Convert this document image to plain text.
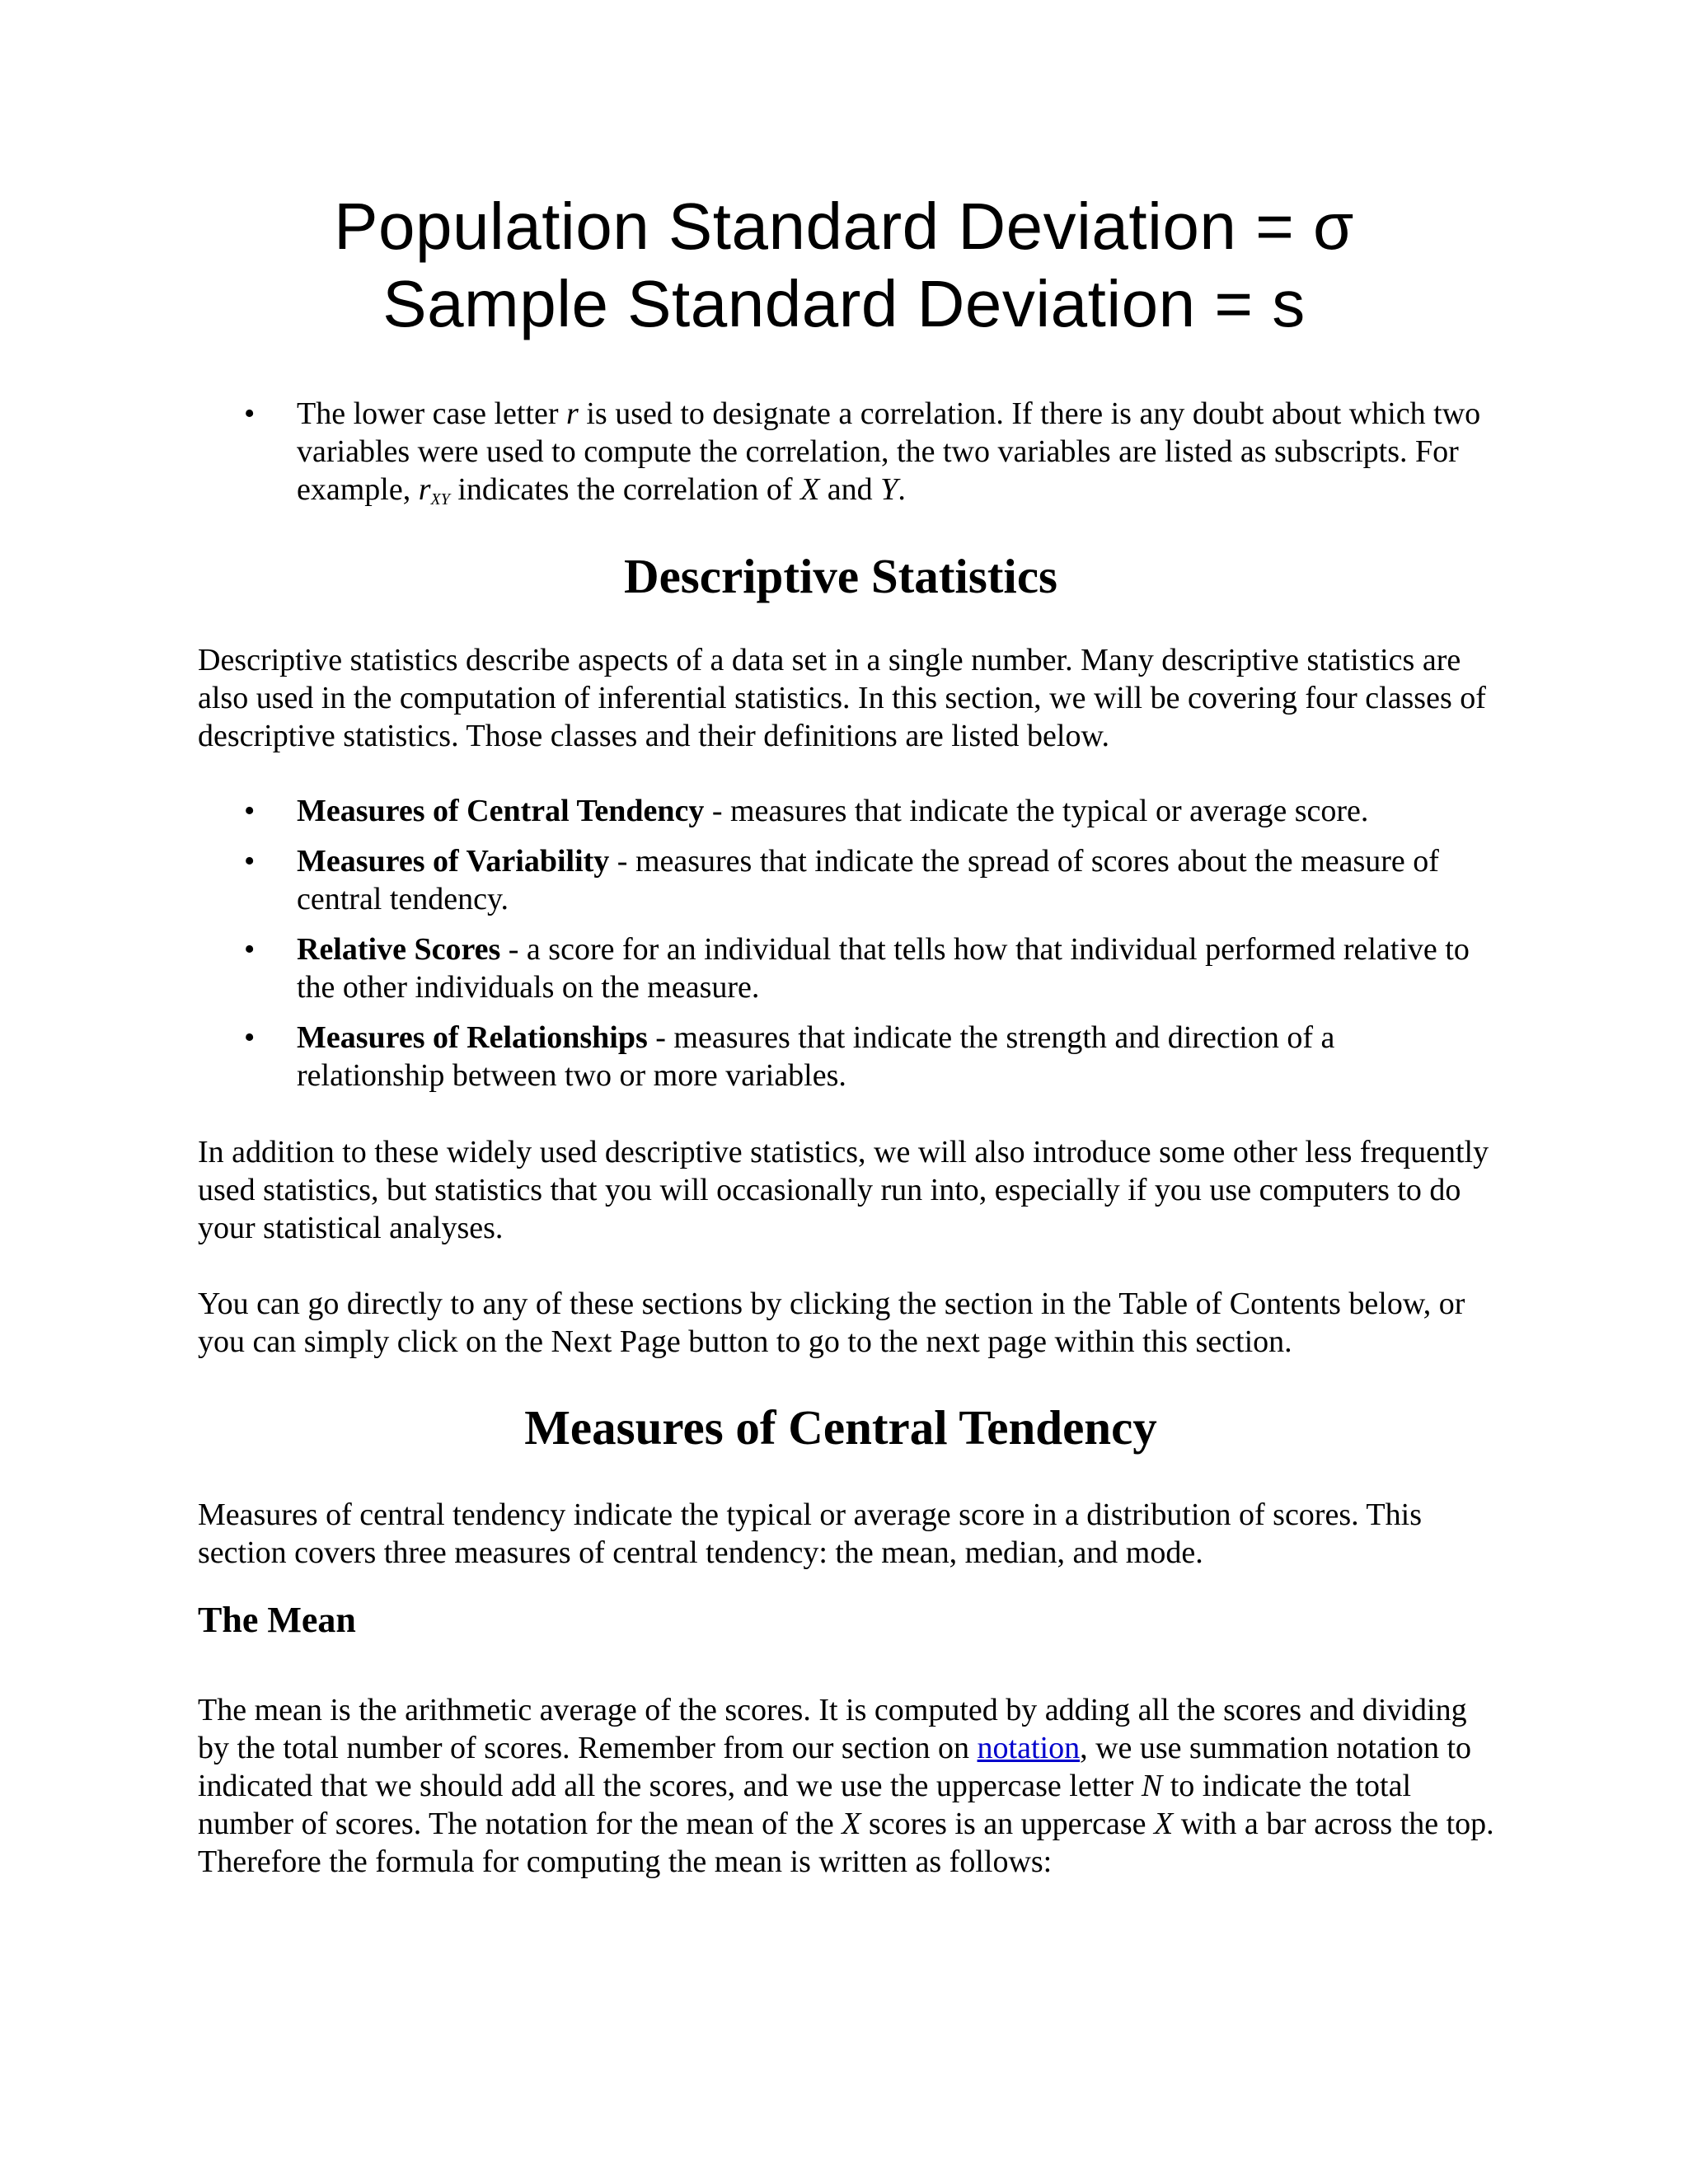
Population Standard Deviation = σ
Sample Standard Deviation = s
• The lower case letter r is used to designate a correlation. If there is any doubt about which two variables were used to compute the correlation, the two variables are listed as subscripts. For example, $r_{XY}$ indicates the correlation of X and Y.
Descriptive Statistics

Descriptive statistics describe aspects of a data set in a single number. Many descriptive statistics are also used in the computation of inferential statistics. In this section, we will be covering four classes of descriptive statistics. Those classes and their definitions are listed below.

• Measures of Central Tendency - measures that indicate the typical or average score.
• Measures of Variability - measures that indicate the spread of scores about the measure of central tendency.
• Relative Scores - a score for an individual that tells how that individual performed relative to the other individuals on the measure.
• Measures of Relationships - measures that indicate the strength and direction of a relationship between two or more variables.

In addition to these widely used descriptive statistics, we will also introduce some other less frequently used statistics, but statistics that you will occasionally run into, especially if you use computers to do your statistical analyses.

You can go directly to any of these sections by clicking the section in the Table of Contents below, or you can simply click on the Next Page button to go to the next page within this section.

Measures of Central Tendency

Measures of central tendency indicate the typical or average score in a distribution of scores. This section covers three measures of central tendency: the mean, median, and mode.

The Mean

The mean is the arithmetic average of the scores. It is computed by adding all the scores and dividing by the total number of scores. Remember from our section on notation, we use summation notation to indicated that we should add all the scores, and we use the uppercase letter N to indicate the total number of scores. The notation for the mean of the X scores is an uppercase X with a bar across the top. Therefore the formula for computing the mean is written as follows:
